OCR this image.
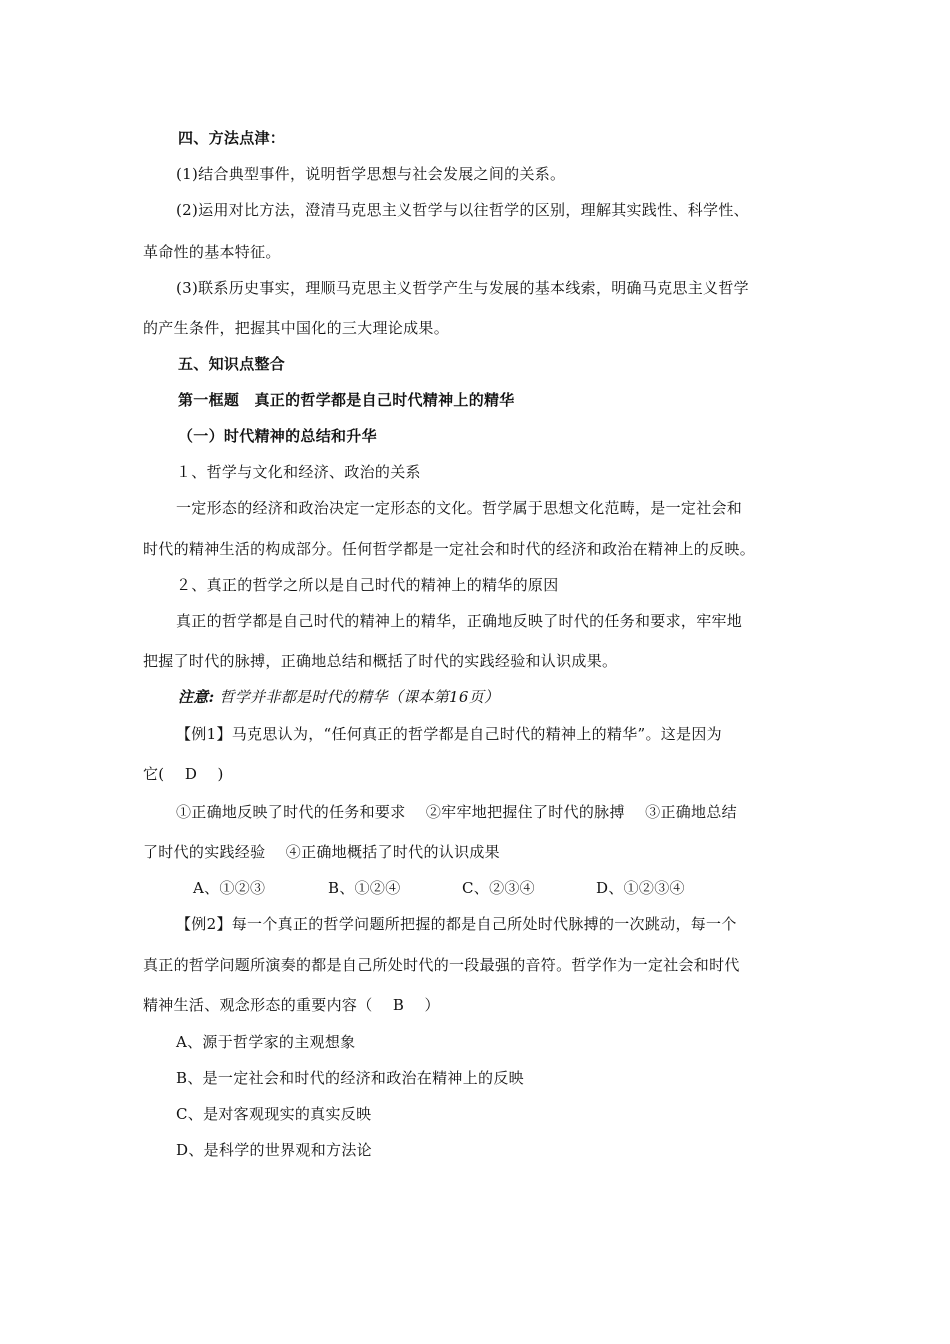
四、方法点津：
(1)结合典型事件，说明哲学思想与社会发展之间的关系。
(2)运用对比方法，澄清马克思主义哲学与以往哲学的区别，理解其实践性、科学性、
革命性的基本特征。
(3)联系历史事实，理顺马克思主义哲学产生与发展的基本线索，明确马克思主义哲学
的产生条件，把握其中国化的三大理论成果。
五、知识点整合
第一框题　真正的哲学都是自己时代精神上的精华
（一）时代精神的总结和升华
１、哲学与文化和经济、政治的关系
一定形态的经济和政治决定一定形态的文化。哲学属于思想文化范畴，是一定社会和
时代的精神生活的构成部分。任何哲学都是一定社会和时代的经济和政治在精神上的反映。
２、真正的哲学之所以是自己时代的精神上的精华的原因
真正的哲学都是自己时代的精神上的精华，正确地反映了时代的任务和要求，牢牢地
把握了时代的脉搏，正确地总结和概括了时代的实践经验和认识成果。
注意: 哲学并非都是时代的精华（课本第16页）
【例1】马克思认为，“任何真正的哲学都是自己时代的精神上的精华”。这是因为
它(　 D　 )
①正确地反映了时代的任务和要求　 ②牢牢地把握住了时代的脉搏　 ③正确地总结
了时代的实践经验　 ④正确地概括了时代的认识成果
A、①②③	B、①②④	C、②③④	D、①②③④
【例2】每一个真正的哲学问题所把握的都是自己所处时代脉搏的一次跳动，每一个
真正的哲学问题所演奏的都是自己所处时代的一段最强的音符。哲学作为一定社会和时代
精神生活、观念形态的重要内容（　 B　 ）
A、源于哲学家的主观想象
B、是一定社会和时代的经济和政治在精神上的反映
C、是对客观现实的真实反映
D、是科学的世界观和方法论
